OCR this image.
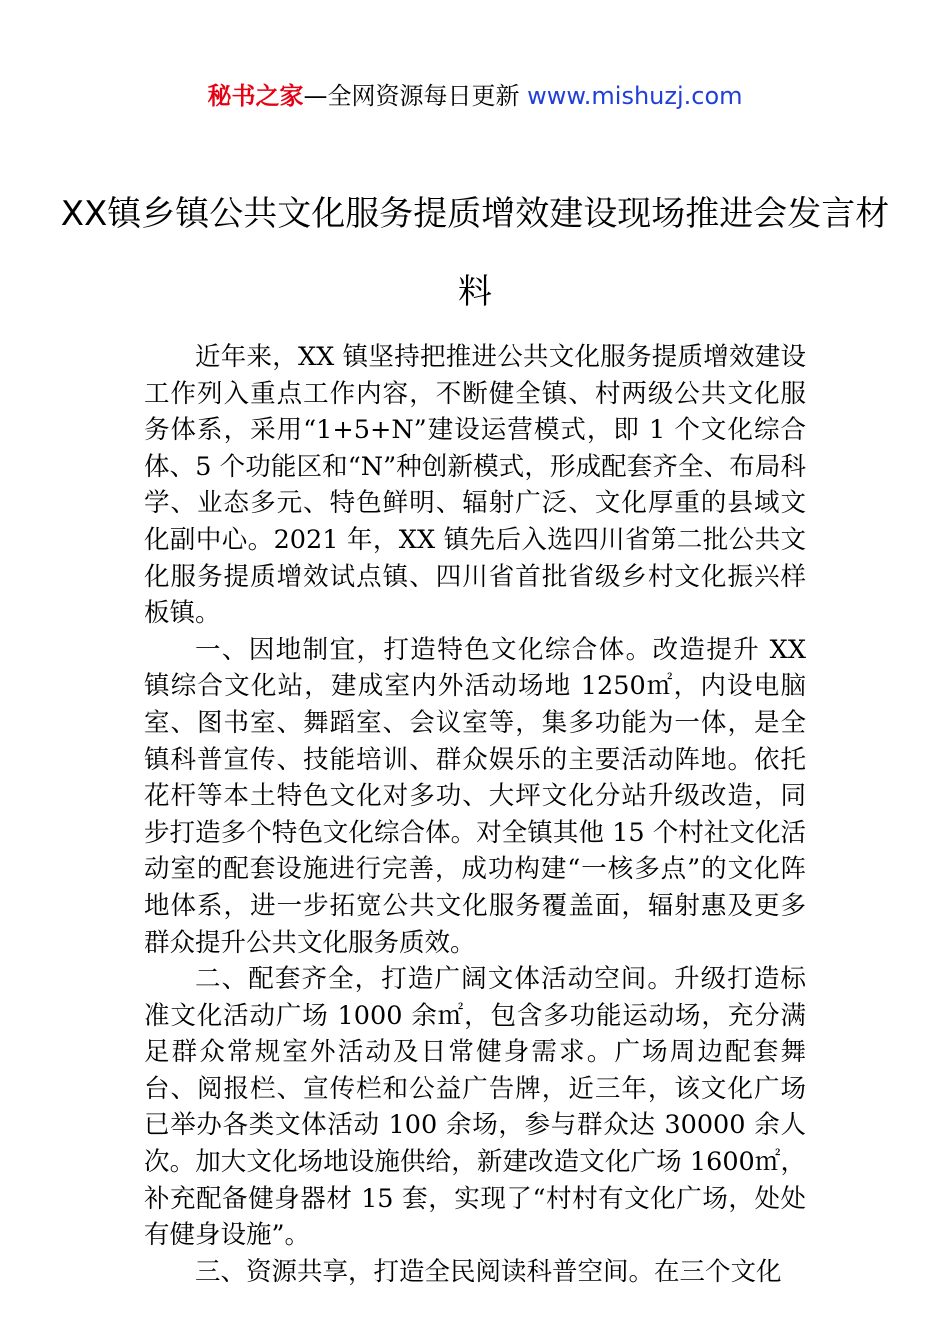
秘书之家—全网资源每日更新 www.mishuzj.com
XX镇乡镇公共文化服务提质增效建设现场推进会发言材料

近年来，XX 镇坚持把推进公共文化服务提质增效建设工作列入重点工作内容，不断健全镇、村两级公共文化服务体系，采用“1+5+N”建设运营模式，即 1 个文化综合体、5 个功能区和“N”种创新模式，形成配套齐全、布局科学、业态多元、特色鲜明、辐射广泛、文化厚重的县域文化副中心。2021 年，XX 镇先后入选四川省第二批公共文化服务提质增效试点镇、四川省首批省级乡村文化振兴样板镇。

一、因地制宜，打造特色文化综合体。改造提升 XX 镇综合文化站，建成室内外活动场地 1250㎡，内设电脑室、图书室、舞蹈室、会议室等，集多功能为一体，是全镇科普宣传、技能培训、群众娱乐的主要活动阵地。依托花杆等本土特色文化对多功、大坪文化分站升级改造，同步打造多个特色文化综合体。对全镇其他 15 个村社文化活动室的配套设施进行完善，成功构建“一核多点”的文化阵地体系，进一步拓宽公共文化服务覆盖面，辐射惠及更多群众提升公共文化服务质效。

二、配套齐全，打造广阔文体活动空间。升级打造标准文化活动广场 1000 余㎡，包含多功能运动场，充分满足群众常规室外活动及日常健身需求。广场周边配套舞台、阅报栏、宣传栏和公益广告牌，近三年，该文化广场已举办各类文体活动 100 余场，参与群众达 30000 余人次。加大文化场地设施供给，新建改造文化广场 1600㎡，补充配备健身器材 15 套，实现了“村村有文化广场，处处有健身设施”。

三、资源共享，打造全民阅读科普空间。在三个文化
